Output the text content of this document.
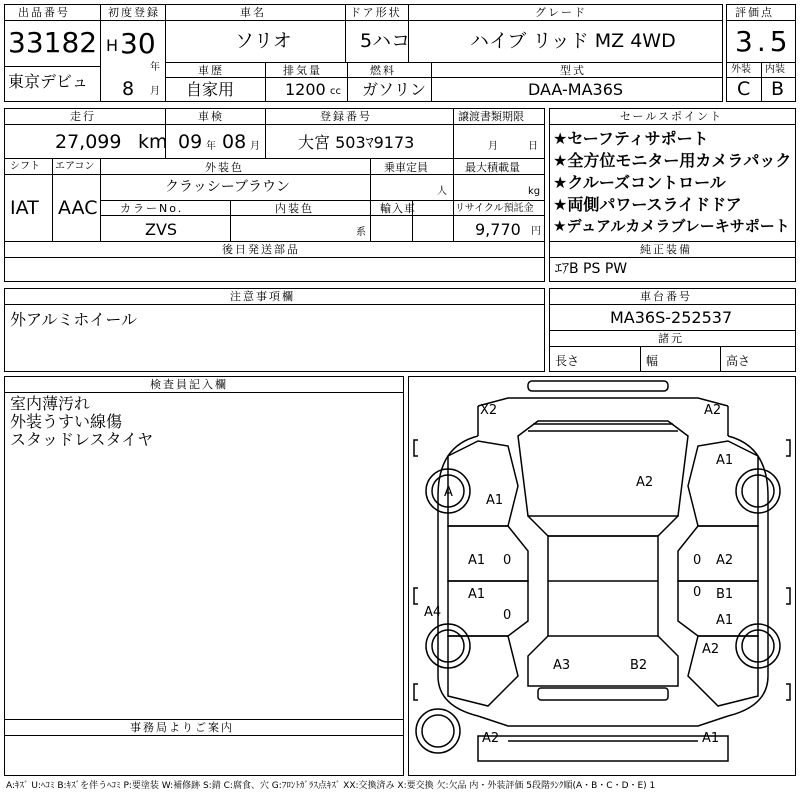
出品番号
33182
東京デビュ
初度登録
H 30
年
8 月
車名
ソリオ
ドア形状
5ハコ
グレード
ハイブ リッド MZ 4WD
評価点
3.5
外装 内装
C B
車歴
自家用
排気量
1200 cc
燃料
ガソリン
型式
DAA-MA36S
走行
27,099 km
車検
09 年 08 月
登録番号
大宮 503ﾏ9173
譲渡書類期限
月	日
シフト
IAT
エアコン
AAC
外装色
クラッシーブラウン
乗車定員
人
最大積載量
kg
カラーNo.
ZVS
内装色
系
輸入車	リサイクル預託金
9,770 円
後日発送部品
セールスポイント
★セーフティサポート
★全方位モニター用カメラパック
★クルーズコントロール
★両側パワースライドドア
★デュアルカメラブレーキサポート
純正装備
ｴｱB PS PW
注意事項欄
外アルミホイール
車台番号
MA36S-252537
諸元
長さ	幅	高さ
検査員記入欄
室内薄汚れ
外装うすい線傷
スタッドレスタイヤ
事務局よりご案内
X2	A2
A1
A
A2
A1
A1 0	0 A2
A1
0
0 B1
A1
A4
A2
A3	B2
A2	A1
A:ｷｽﾞ U:ﾍｺﾐ B:ｷｽﾞを伴うﾍｺﾐ P:要塗装 W:補修跡 S:錆 C:腐食、穴 G:ﾌﾛﾝﾄｶﾞﾗｽ点ｷｽﾞ XX:交換済み X:要交換 欠:欠品 内・外装評価 5段階ﾗﾝｸ順(A・B・C・D・E) 1
